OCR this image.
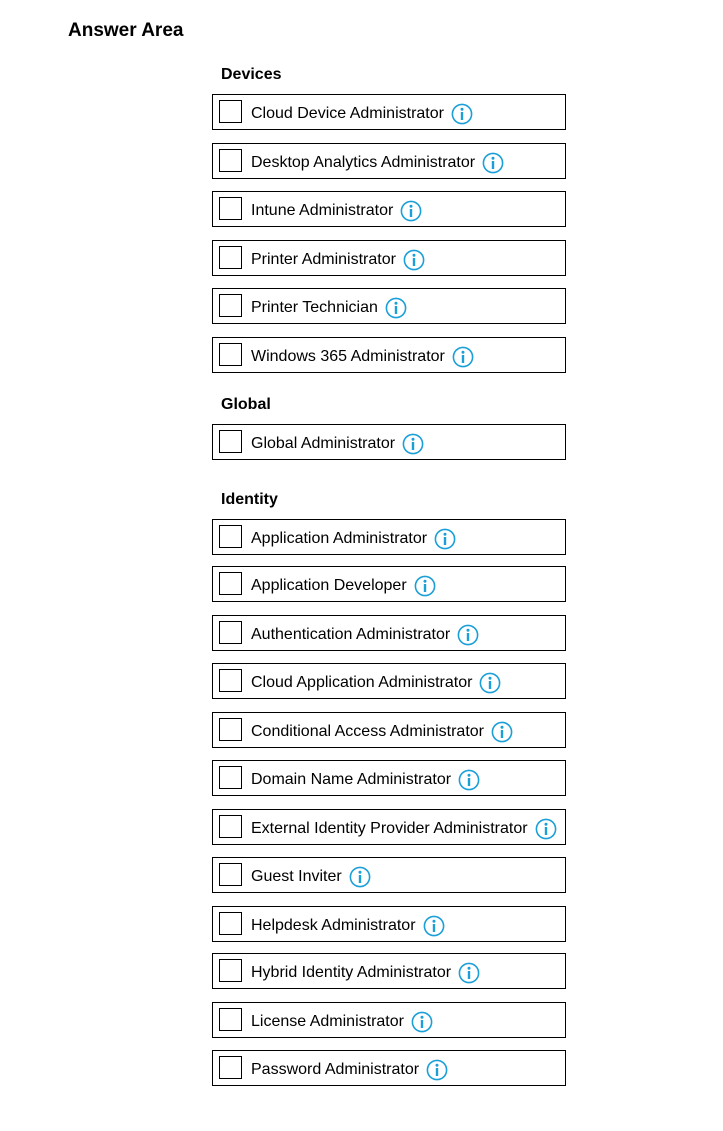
Answer Area
Devices
Cloud Device Administrator
Desktop Analytics Administrator
Intune Administrator
Printer Administrator
Printer Technician
Windows 365 Administrator
Global
Global Administrator
Identity
Application Administrator
Application Developer
Authentication Administrator
Cloud Application Administrator
Conditional Access Administrator
Domain Name Administrator
External Identity Provider Administrator
Guest Inviter
Helpdesk Administrator
Hybrid Identity Administrator
License Administrator
Password Administrator
